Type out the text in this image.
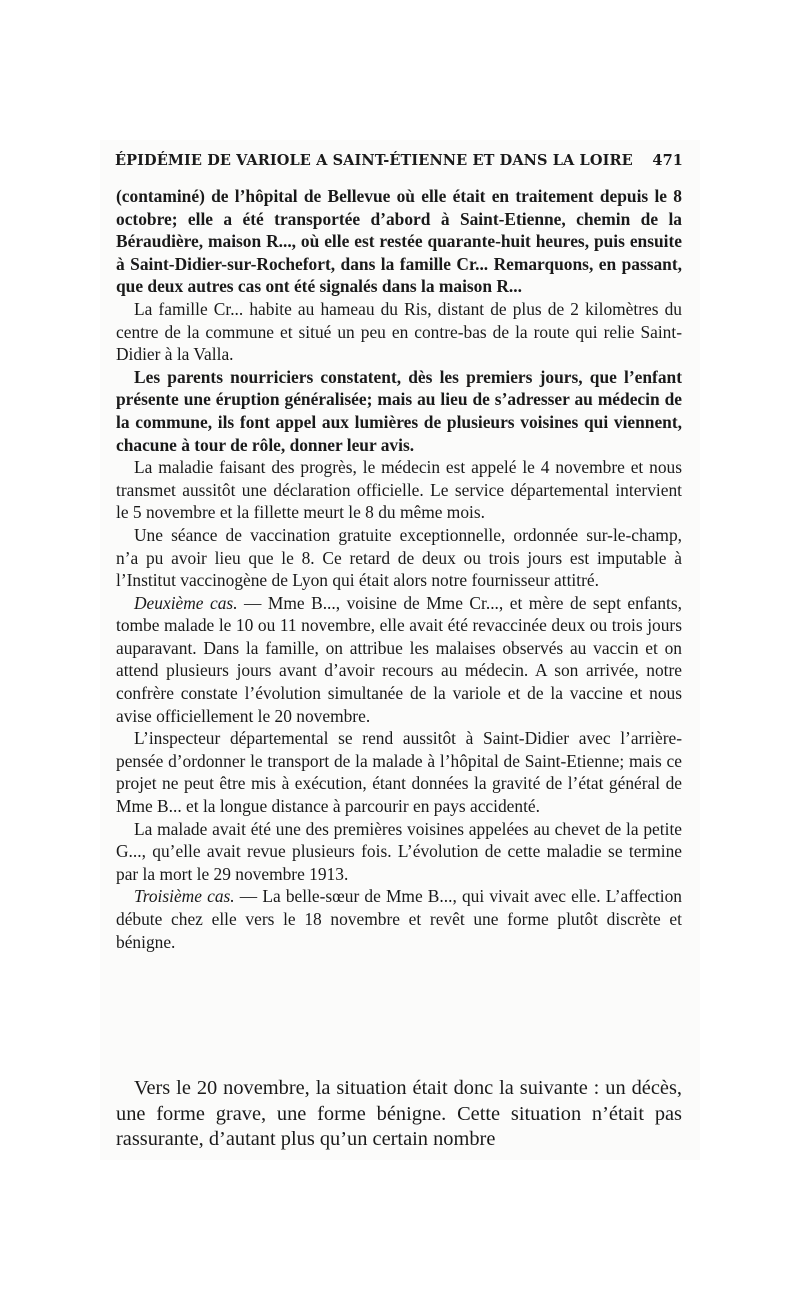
ÉPIDÉMIE DE VARIOLE A SAINT-ÉTIENNE ET DANS LA LOIRE 471

(contaminé) de l’hôpital de Bellevue où elle était en traitement depuis le 8 octobre; elle a été transportée d’abord à Saint-Etienne, chemin de la Béraudière, maison R..., où elle est restée quarante-huit heures, puis ensuite à Saint-Didier-sur-Rochefort, dans la famille Cr... Remarquons, en passant, que deux autres cas ont été signalés dans la maison R...

La famille Cr... habite au hameau du Ris, distant de plus de 2 kilomètres du centre de la commune et situé un peu en contre-bas de la route qui relie Saint-Didier à la Valla.

Les parents nourriciers constatent, dès les premiers jours, que l’enfant présente une éruption généralisée; mais au lieu de s’adresser au médecin de la commune, ils font appel aux lumières de plusieurs voisines qui viennent, chacune à tour de rôle, donner leur avis.

La maladie faisant des progrès, le médecin est appelé le 4 novembre et nous transmet aussitôt une déclaration officielle. Le service départemental intervient le 5 novembre et la fillette meurt le 8 du même mois.

Une séance de vaccination gratuite exceptionnelle, ordonnée sur-le-champ, n’a pu avoir lieu que le 8. Ce retard de deux ou trois jours est imputable à l’Institut vaccinogène de Lyon qui était alors notre fournisseur attitré.

Deuxième cas. — Mme B..., voisine de Mme Cr..., et mère de sept enfants, tombe malade le 10 ou 11 novembre, elle avait été revaccinée deux ou trois jours auparavant. Dans la famille, on attribue les malaises observés au vaccin et on attend plusieurs jours avant d’avoir recours au médecin. A son arrivée, notre confrère constate l’évolution simultanée de la variole et de la vaccine et nous avise officiellement le 20 novembre.

L’inspecteur départemental se rend aussitôt à Saint-Didier avec l’arrière-pensée d’ordonner le transport de la malade à l’hôpital de Saint-Etienne; mais ce projet ne peut être mis à exécution, étant données la gravité de l’état général de Mme B... et la longue distance à parcourir en pays accidenté.

La malade avait été une des premières voisines appelées au chevet de la petite G..., qu’elle avait revue plusieurs fois. L’évolution de cette maladie se termine par la mort le 29 novembre 1913.

Troisième cas. — La belle-sœur de Mme B..., qui vivait avec elle. L’affection débute chez elle vers le 18 novembre et revêt une forme plutôt discrète et bénigne.

Vers le 20 novembre, la situation était donc la suivante : un décès, une forme grave, une forme bénigne. Cette situation n’était pas rassurante, d’autant plus qu’un certain nombre
